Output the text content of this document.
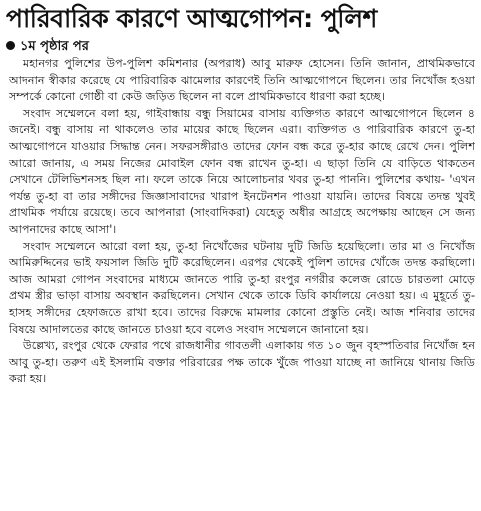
পারিবারিক কারণে আত্মগোপন: পুলিশ
১ম পৃষ্ঠার পর

মহানগর পুলিশের উপ-পুলিশ কমিশনার (অপরাধ) আবু মারুফ হোসেন। তিনি জানান, প্রাথমিকভাবে আদনান স্বীকার করেছে যে পারিবারিক ঝামেলার কারণেই তিনি আত্মগোপনে ছিলেন। তার নিখোঁজ হওয়া সম্পর্কে কোনো গোষ্ঠী বা কেউ জড়িত ছিলেন না বলে প্রাথমিকভাবে ধারণা করা হচ্ছে।

সংবাদ সম্মেলনে বলা হয়, গাইবান্ধায় বন্ধু সিয়ামের বাসায় ব্যক্তিগত কারণে আত্মগোপনে ছিলেন ৪ জনেই। বন্ধু বাসায় না থাকলেও তার মায়ের কাছে ছিলেন এরা। ব্যক্তিগত ও পারিবারিক কারণে তু-হা আত্মগোপনে যাওয়ার সিদ্ধান্ত নেন। সফরসঙ্গীরাও তাদের ফোন বন্ধ করে তু-হার কাছে রেখে দেন। পুলিশ আরো জানায়, এ সময় নিজের মোবাইল ফোন বন্ধ রাখেন তু-হা। এ ছাড়া তিনি যে বাড়িতে থাকতেন সেখানে টেলিভিশনসহ ছিল না। ফলে তাকে নিয়ে আলোচনার খবর তু-হা পাননি। পুলিশের কথায়- 'এখন পর্যন্ত তু-হা বা তার সঙ্গীদের জিজ্ঞাসাবাদের খারাপ ইনটেনশন পাওয়া যায়নি। তাদের বিষয়ে তদন্ত খুবই প্রাথমিক পর্যায়ে রয়েছে। তবে আপনারা (সাংবাদিকরা) যেহেতু অধীর আগ্রহে অপেক্ষায় আছেন সে জন্য আপনাদের কাছে আসা'।

সংবাদ সম্মেলনে আরো বলা হয়, তু-হা নিখোঁজের ঘটনায় দুটি জিডি হয়েছিলো। তার মা ও নিখোঁজ আমিরুদ্দিনের ভাই ফয়সাল জিডি দুটি করেছিলেন। এরপর থেকেই পুলিশ তাদের খোঁজে তদন্ত করছিলো। আজ আমরা গোপন সংবাদের মাধ্যমে জানতে পারি তু-হা রংপুর নগরীর কলেজ রোডে চারতলা মোড়ে প্রথম স্ত্রীর ভাড়া বাসায় অবস্থান করছিলেন। সেখান থেকে তাকে ডিবি কার্যালয়ে নেওয়া হয়। এ মুহূর্তে তু-হাসহ সঙ্গীদের হেফাজতে রাখা হবে। তাদের বিরুদ্ধে মামলার কোনো প্রস্তুতি নেই। আজ শনিবার তাদের বিষয়ে আদালতের কাছে জানতে চাওয়া হবে বলেও সংবাদ সম্মেলনে জানানো হয়।

উল্লেখ্য, রংপুর থেকে ফেরার পথে রাজধানীর গাবতলী এলাকায় গত ১০ জুন বৃহস্পতিবার নিখোঁজ হন আবু তু-হা। তরুণ এই ইসলামি বক্তার পরিবারের পক্ষ তাকে খুঁজে পাওয়া যাচ্ছে না জানিয়ে থানায় জিডি করা হয়।
